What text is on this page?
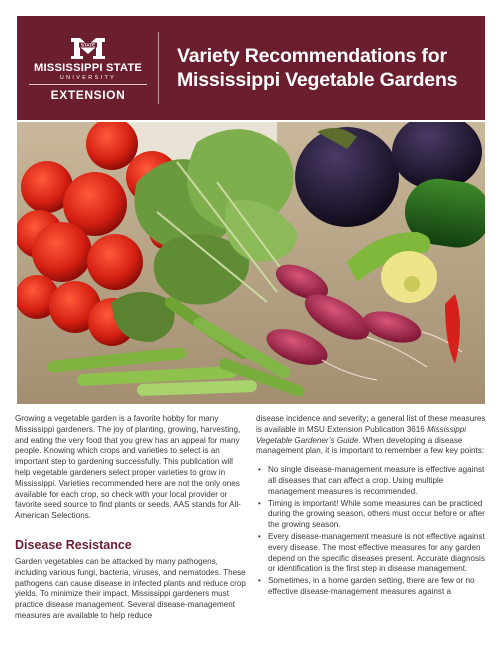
STATE
MISSISSIPPI STATE
UNIVERSITY
EXTENSION
Variety Recommendations for
Mississippi Vegetable Gardens

Growing a vegetable garden is a favorite hobby for many Mississippi gardeners. The joy of planting, growing, harvesting, and eating the very food that you grew has an appeal for many people. Knowing which crops and varieties to select is an important step to gardening successfully. This publication will help vegetable gardeners select proper varieties to grow in Mississippi. Varieties recommended here are not the only ones available for each crop, so check with your local provider or favorite seed source to find plants or seeds. AAS stands for All-American Selections.

Disease Resistance

Garden vegetables can be attacked by many pathogens, including various fungi, bacteria, viruses, and nematodes. These pathogens can cause disease in infected plants and reduce crop yields. To minimize their impact, Mississippi gardeners must practice disease management. Several disease-management measures are available to help reduce

disease incidence and severity; a general list of these measures is available in MSU Extension Publication 3616 Mississippi Vegetable Gardener’s Guide. When developing a disease management plan, it is important to remember a few key points:

• No single disease-management measure is effective against all diseases that can affect a crop. Using multiple management measures is recommended.
• Timing is important! While some measures can be practiced during the growing season, others must occur before or after the growing season.
• Every disease-management measure is not effective against every disease. The most effective measures for any garden depend on the specific diseases present. Accurate diagnosis or identification is the first step in disease management.
• Sometimes, in a home garden setting, there are few or no effective disease-management measures against a
